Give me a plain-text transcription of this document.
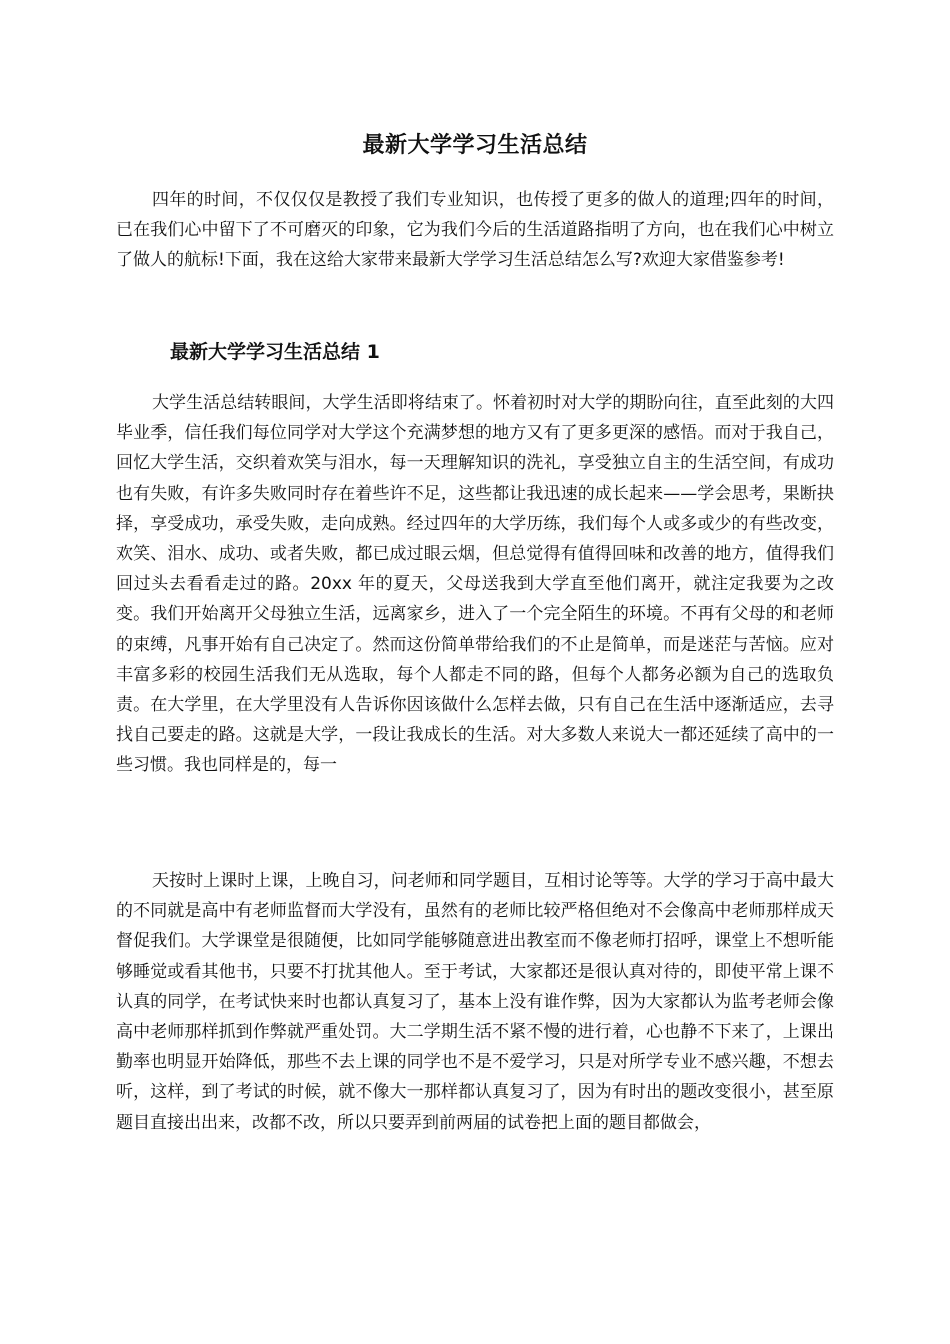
最新大学学习生活总结

四年的时间，不仅仅仅是教授了我们专业知识，也传授了更多的做人的道理;四年的时间，已在我们心中留下了不可磨灭的印象，它为我们今后的生活道路指明了方向，也在我们心中树立了做人的航标!下面，我在这给大家带来最新大学学习生活总结怎么写?欢迎大家借鉴参考!

最新大学学习生活总结 1

大学生活总结转眼间，大学生活即将结束了。怀着初时对大学的期盼向往，直至此刻的大四毕业季，信任我们每位同学对大学这个充满梦想的地方又有了更多更深的感悟。而对于我自己，回忆大学生活，交织着欢笑与泪水，每一天理解知识的洗礼，享受独立自主的生活空间，有成功也有失败，有许多失败同时存在着些许不足，这些都让我迅速的成长起来——学会思考，果断抉择，享受成功，承受失败，走向成熟。经过四年的大学历练，我们每个人或多或少的有些改变，欢笑、泪水、成功、或者失败，都已成过眼云烟，但总觉得有值得回味和改善的地方，值得我们回过头去看看走过的路。20xx 年的夏天，父母送我到大学直至他们离开，就注定我要为之改变。我们开始离开父母独立生活，远离家乡，进入了一个完全陌生的环境。不再有父母的和老师的束缚，凡事开始有自己决定了。然而这份简单带给我们的不止是简单，而是迷茫与苦恼。应对丰富多彩的校园生活我们无从选取，每个人都走不同的路，但每个人都务必额为自己的选取负责。在大学里，在大学里没有人告诉你因该做什么怎样去做，只有自己在生活中逐渐适应，去寻找自己要走的路。这就是大学，一段让我成长的生活。对大多数人来说大一都还延续了高中的一些习惯。我也同样是的，每一

天按时上课时上课，上晚自习，问老师和同学题目，互相讨论等等。大学的学习于高中最大的不同就是高中有老师监督而大学没有，虽然有的老师比较严格但绝对不会像高中老师那样成天督促我们。大学课堂是很随便，比如同学能够随意进出教室而不像老师打招呼，课堂上不想听能够睡觉或看其他书，只要不打扰其他人。至于考试，大家都还是很认真对待的，即使平常上课不认真的同学，在考试快来时也都认真复习了，基本上没有谁作弊，因为大家都认为监考老师会像高中老师那样抓到作弊就严重处罚。大二学期生活不紧不慢的进行着，心也静不下来了，上课出勤率也明显开始降低，那些不去上课的同学也不是不爱学习，只是对所学专业不感兴趣，不想去听，这样，到了考试的时候，就不像大一那样都认真复习了，因为有时出的题改变很小，甚至原题目直接出出来，改都不改，所以只要弄到前两届的试卷把上面的题目都做会，
